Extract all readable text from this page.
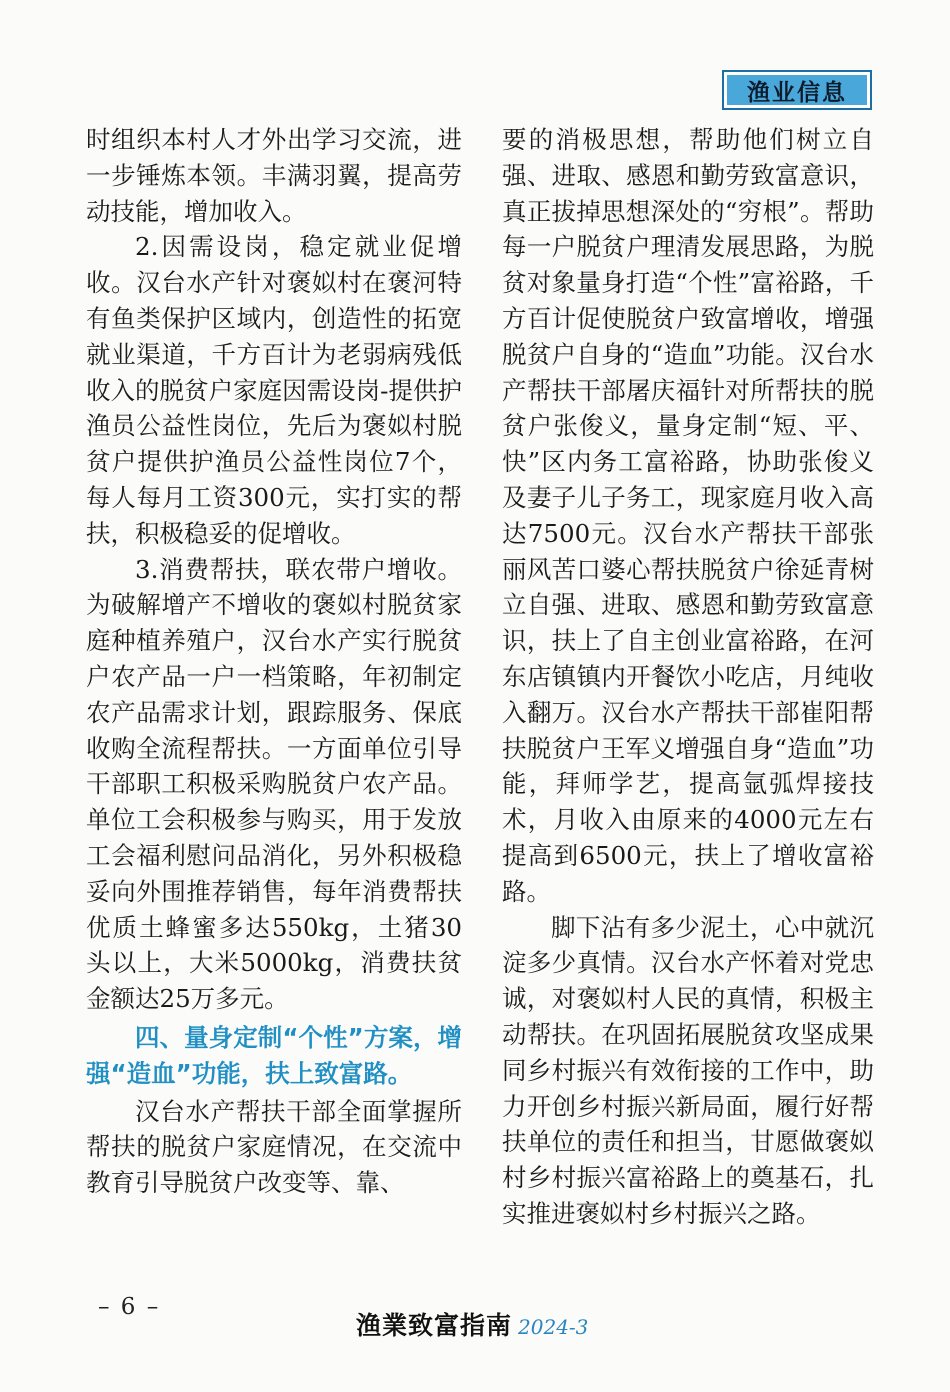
渔业信息

时组织本村人才外出学习交流，进一步锤炼本领。丰满羽翼，提高劳动技能，增加收入。

2.因需设岗，稳定就业促增收。汉台水产针对褒姒村在褒河特有鱼类保护区域内，创造性的拓宽就业渠道，千方百计为老弱病残低收入的脱贫户家庭因需设岗-提供护渔员公益性岗位，先后为褒姒村脱贫户提供护渔员公益性岗位7个，每人每月工资300元，实打实的帮扶，积极稳妥的促增收。

3.消费帮扶，联农带户增收。为破解增产不增收的褒姒村脱贫家庭种植养殖户，汉台水产实行脱贫户农产品一户一档策略，年初制定农产品需求计划，跟踪服务、保底收购全流程帮扶。一方面单位引导干部职工积极采购脱贫户农产品。单位工会积极参与购买，用于发放工会福利慰问品消化，另外积极稳妥向外围推荐销售，每年消费帮扶优质土蜂蜜多达550kg，土猪30头以上，大米5000kg，消费扶贫金额达25万多元。

四、量身定制“个性”方案，增强“造血”功能，扶上致富路。

汉台水产帮扶干部全面掌握所帮扶的脱贫户家庭情况，在交流中教育引导脱贫户改变等、靠、

要的消极思想，帮助他们树立自强、进取、感恩和勤劳致富意识，真正拔掉思想深处的“穷根”。帮助每一户脱贫户理清发展思路，为脱贫对象量身打造“个性”富裕路，千方百计促使脱贫户致富增收，增强脱贫户自身的“造血”功能。汉台水产帮扶干部屠庆福针对所帮扶的脱贫户张俊义，量身定制“短、平、快”区内务工富裕路，协助张俊义及妻子儿子务工，现家庭月收入高达7500元。汉台水产帮扶干部张丽风苦口婆心帮扶脱贫户徐延青树立自强、进取、感恩和勤劳致富意识，扶上了自主创业富裕路，在河东店镇镇内开餐饮小吃店，月纯收入翻万。汉台水产帮扶干部崔阳帮扶脱贫户王军义增强自身“造血”功能，拜师学艺，提高氩弧焊接技术，月收入由原来的4000元左右提高到6500元，扶上了增收富裕路。

脚下沾有多少泥土，心中就沉淀多少真情。汉台水产怀着对党忠诚，对褒姒村人民的真情，积极主动帮扶。在巩固拓展脱贫攻坚成果同乡村振兴有效衔接的工作中，助力开创乡村振兴新局面，履行好帮扶单位的责任和担当，甘愿做褒姒村乡村振兴富裕路上的奠基石，扎实推进褒姒村乡村振兴之路。

– 6 –
渔業致富指南 2024-3
